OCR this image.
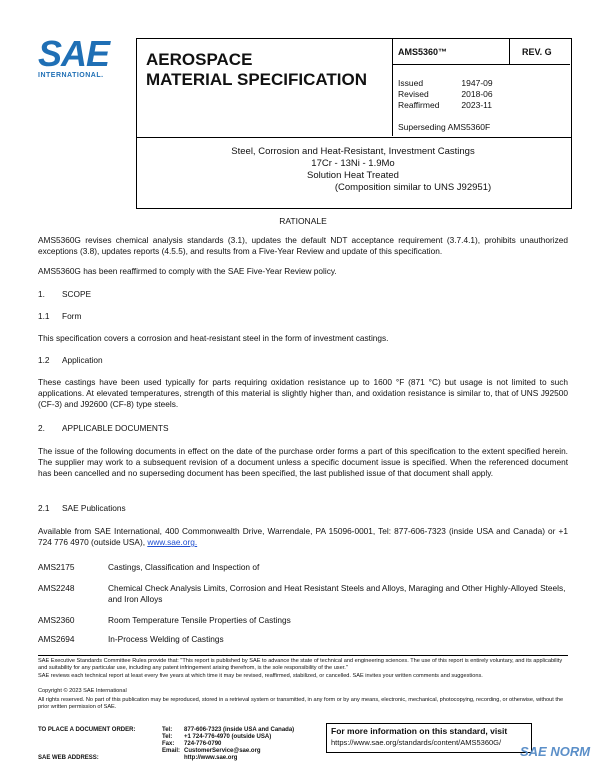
SAE
INTERNATIONAL.
AEROSPACE
MATERIAL SPECIFICATION
AMS5360™	REV. G
Issued	1947-09
Revised	2018-06
Reaffirmed	2023-11
Superseding AMS5360F
Steel, Corrosion and Heat-Resistant, Investment Castings
17Cr - 13Ni - 1.9Mo
Solution Heat Treated
(Composition similar to UNS J92951)
RATIONALE
AMS5360G revises chemical analysis standards (3.1), updates the default NDT acceptance requirement (3.7.4.1), prohibits unauthorized exceptions (3.8), updates reports (4.5.5), and results from a Five-Year Review and update of this specification.
AMS5360G has been reaffirmed to comply with the SAE Five-Year Review policy.
1. SCOPE
1.1 Form
This specification covers a corrosion and heat-resistant steel in the form of investment castings.
1.2 Application
These castings have been used typically for parts requiring oxidation resistance up to 1600 °F (871 °C) but usage is not limited to such applications. At elevated temperatures, strength of this material is slightly higher than, and oxidation resistance is similar to, that of UNS J92500 (CF-3) and J92600 (CF-8) type steels.
2. APPLICABLE DOCUMENTS
The issue of the following documents in effect on the date of the purchase order forms a part of this specification to the extent specified herein. The supplier may work to a subsequent revision of a document unless a specific document issue is specified. When the referenced document has been cancelled and no superseding document has been specified, the last published issue of that document shall apply.
2.1 SAE Publications
Available from SAE International, 400 Commonwealth Drive, Warrendale, PA 15096-0001, Tel: 877-606-7323 (inside USA and Canada) or +1 724 776 4970 (outside USA), www.sae.org.
AMS2175	Castings, Classification and Inspection of
AMS2248	Chemical Check Analysis Limits, Corrosion and Heat Resistant Steels and Alloys, Maraging and Other Highly-Alloyed Steels, and Iron Alloys
AMS2360	Room Temperature Tensile Properties of Castings
AMS2694	In-Process Welding of Castings
SAE Executive Standards Committee Rules provide that: "This report is published by SAE to advance the state of technical and engineering sciences. The use of this report is entirely voluntary, and its applicability and suitability for any particular use, including any patent infringement arising therefrom, is the sole responsibility of the user."
SAE reviews each technical report at least every five years at which time it may be revised, reaffirmed, stabilized, or cancelled. SAE invites your written comments and suggestions.
Copyright © 2023 SAE International
All rights reserved. No part of this publication may be reproduced, stored in a retrieval system or transmitted, in any form or by any means, electronic, mechanical, photocopying, recording, or otherwise, without the prior written permission of SAE.
TO PLACE A DOCUMENT ORDER:	Tel:	877-606-7323 (inside USA and Canada)
	Tel:	+1 724-776-4970 (outside USA)
	Fax:	724-776-0790
	Email:	CustomerService@sae.org
SAE WEB ADDRESS:		http://www.sae.org
For more information on this standard, visit
https://www.sae.org/standards/content/AMS5360G/
SAE NORM
